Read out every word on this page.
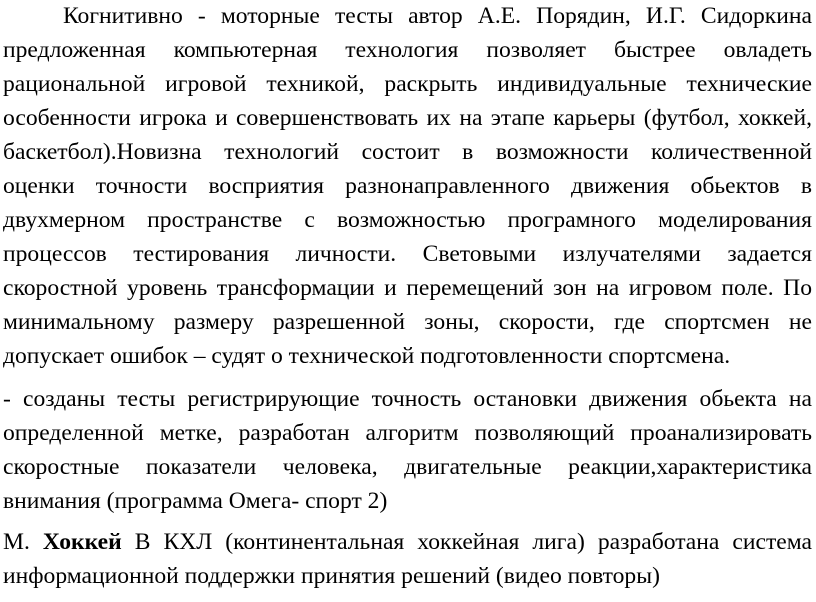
Когнитивно - моторные тесты автор А.Е. Порядин, И.Г. Сидоркина
предложенная компьютерная технология позволяет быстрее овладеть
рациональной игровой техникой, раскрыть индивидуальные технические
особенности игрока и совершенствовать их на этапе карьеры (футбол, хоккей,
баскетбол).Новизна технологий состоит в возможности количественной
оценки точности восприятия разнонаправленного движения обьектов в
двухмерном пространстве с возможностью програмного моделирования
процессов тестирования личности. Световыми излучателями задается
скоростной уровень трансформации и перемещений зон на игровом поле. По
минимальному размеру разрешенной зоны, скорости, где спортсмен не
допускает ошибок – судят о технической подготовленности спортсмена.
- созданы тесты регистрирующие точность остановки движения обьекта на
определенной метке, разработан алгоритм позволяющий проанализировать
скоростные показатели человека, двигательные реакции,характеристика
внимания (программа Омега- спорт 2)
М. Хоккей В КХЛ (континентальная хоккейная лига) разработана система
информационной поддержки принятия решений (видео повторы)
